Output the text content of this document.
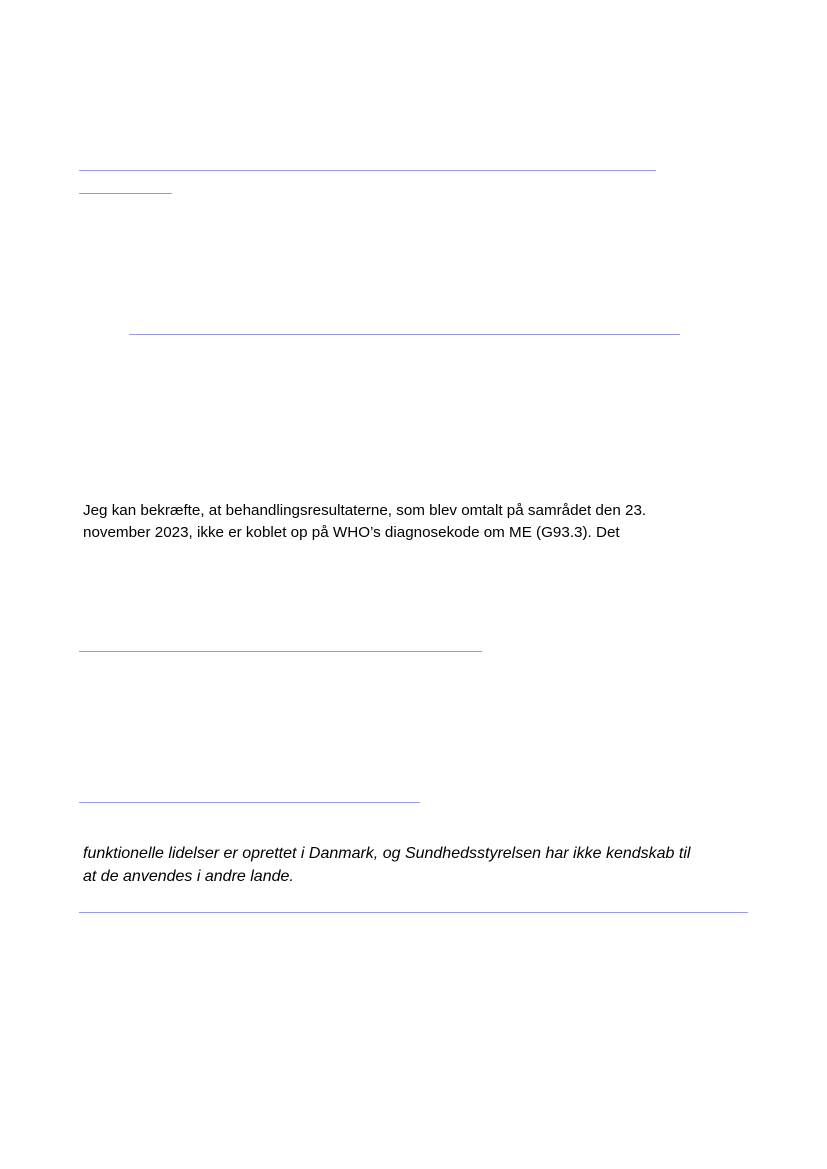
Jeg kan bekræfte, at behandlingsresultaterne, som blev omtalt på samrådet den 23.
november 2023, ikke er koblet op på WHO’s diagnosekode om ME (G93.3). Det

funktionelle lidelser er oprettet i Danmark, og Sundhedsstyrelsen har ikke kendskab til
at de anvendes i andre lande.
